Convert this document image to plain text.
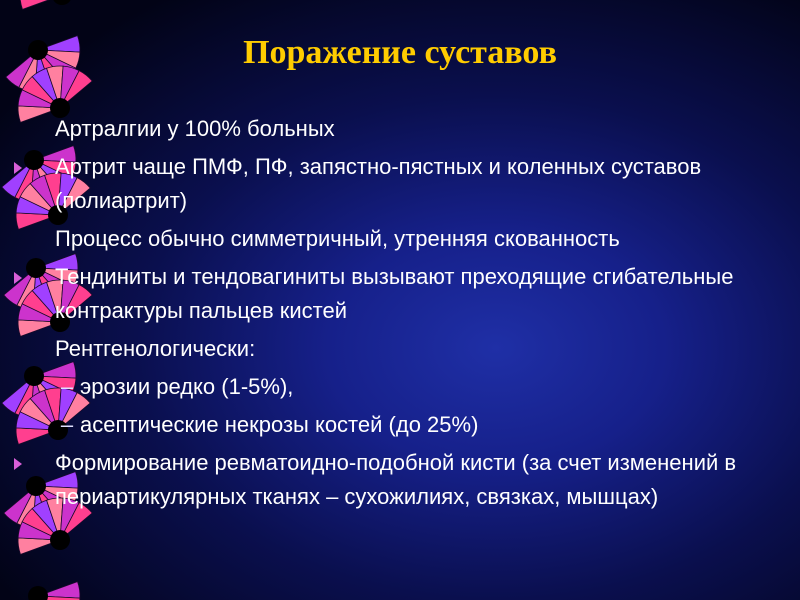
Поражение суставов
Артралгии у 100% больных
Артрит чаще ПМФ, ПФ, запястно-пястных и коленных суставов (полиартрит)
Процесс обычно симметричный, утренняя скованность
Тендиниты и тендовагиниты вызывают преходящие сгибательные контрактуры пальцев кистей
Рентгенологически:
– эрозии редко (1-5%),
– асептические некрозы костей (до 25%)
Формирование ревматоидно-подобной кисти (за счет изменений в периартикулярных тканях – сухожилиях, связках, мышцах)
